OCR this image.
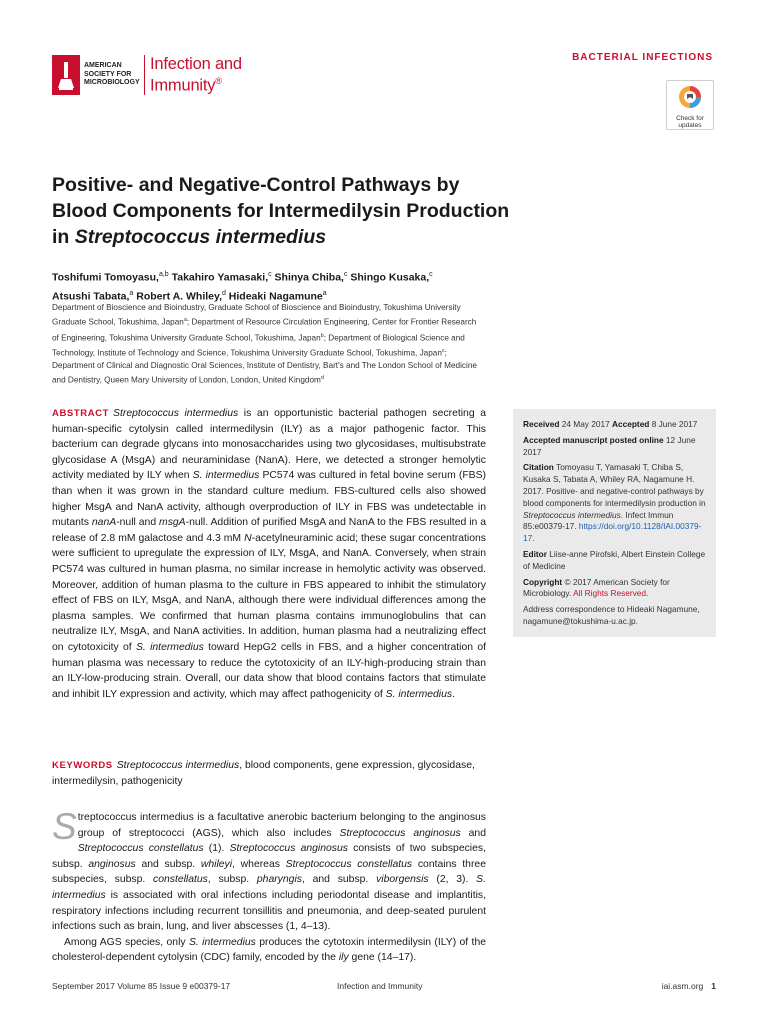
AMERICAN SOCIETY FOR MICROBIOLOGY
Infection and
Immunity®
BACTERIAL INFECTIONS
Check for updates
Positive- and Negative-Control Pathways by Blood Components for Intermedilysin Production in Streptococcus intermedius
Toshifumi Tomoyasu,$^{a,b}$ Takahiro Yamasaki,$^c$ Shinya Chiba,$^c$ Shingo Kusaka,$^c$
Atsushi Tabata,$^a$ Robert A. Whiley,$^d$ Hideaki Nagamune$^a$
Department of Bioscience and Bioindustry, Graduate School of Bioscience and Bioindustry, Tokushima University Graduate School, Tokushima, Japan$^a$; Department of Resource Circulation Engineering, Center for Frontier Research of Engineering, Tokushima University Graduate School, Tokushima, Japan$^b$; Department of Biological Science and Technology, Institute of Technology and Science, Tokushima University Graduate School, Tokushima, Japan$^c$; Department of Clinical and Diagnostic Oral Sciences, Institute of Dentistry, Bart's and The London School of Medicine and Dentistry, Queen Mary University of London, London, United Kingdom$^d$
ABSTRACT Streptococcus intermedius is an opportunistic bacterial pathogen secreting a human-specific cytolysin called intermedilysin (ILY) as a major pathogenic factor. This bacterium can degrade glycans into monosaccharides using two glycosidases, multisubstrate glycosidase A (MsgA) and neuraminidase (NanA). Here, we detected a stronger hemolytic activity mediated by ILY when S. intermedius PC574 was cultured in fetal bovine serum (FBS) than when it was grown in the standard culture medium. FBS-cultured cells also showed higher MsgA and NanA activity, although overproduction of ILY in FBS was undetectable in mutants nanA-null and msgA-null. Addition of purified MsgA and NanA to the FBS resulted in a release of 2.8 mM galactose and 4.3 mM N-acetylneuraminic acid; these sugar concentrations were sufficient to upregulate the expression of ILY, MsgA, and NanA. Conversely, when strain PC574 was cultured in human plasma, no similar increase in hemolytic activity was observed. Moreover, addition of human plasma to the culture in FBS appeared to inhibit the stimulatory effect of FBS on ILY, MsgA, and NanA, although there were individual differences among the plasma samples. We confirmed that human plasma contains immunoglobulins that can neutralize ILY, MsgA, and NanA activities. In addition, human plasma had a neutralizing effect on cytotoxicity of S. intermedius toward HepG2 cells in FBS, and a higher concentration of human plasma was necessary to reduce the cytotoxicity of an ILY-high-producing strain than an ILY-low-producing strain. Overall, our data show that blood contains factors that stimulate and inhibit ILY expression and activity, which may affect pathogenicity of S. intermedius.
KEYWORDS Streptococcus intermedius, blood components, gene expression, glycosidase, intermedilysin, pathogenicity

Received 24 May 2017 Accepted 8 June 2017

Accepted manuscript posted online 12 June 2017

Citation Tomoyasu T, Yamasaki T, Chiba S, Kusaka S, Tabata A, Whiley RA, Nagamune H. 2017. Positive- and negative-control pathways by blood components for intermedilysin production in Streptococcus intermedius. Infect Immun 85:e00379-17. https://doi.org/10.1128/IAI.00379-17.

Editor Liise-anne Pirofski, Albert Einstein College of Medicine

Copyright © 2017 American Society for Microbiology. All Rights Reserved.

Address correspondence to Hideaki Nagamune, nagamune@tokushima-u.ac.jp.

Streptococcus intermedius is a facultative anerobic bacterium belonging to the anginosus group of streptococci (AGS), which also includes Streptococcus anginosus and Streptococcus constellatus (1). Streptococcus anginosus consists of two subspecies, subsp. anginosus and subsp. whileyi, whereas Streptococcus constellatus contains three subspecies, subsp. constellatus, subsp. pharyngis, and subsp. viborgensis (2, 3). S. intermedius is associated with oral infections including periodontal disease and implantitis, respiratory infections including recurrent tonsillitis and pneumonia, and deep-seated purulent infections such as brain, lung, and liver abscesses (1, 4–13).

Among AGS species, only S. intermedius produces the cytotoxin intermedilysin (ILY) of the cholesterol-dependent cytolysin (CDC) family, encoded by the ily gene (14–17).

September 2017 Volume 85 Issue 9 e00379-17	Infection and Immunity	iai.asm.org 1
